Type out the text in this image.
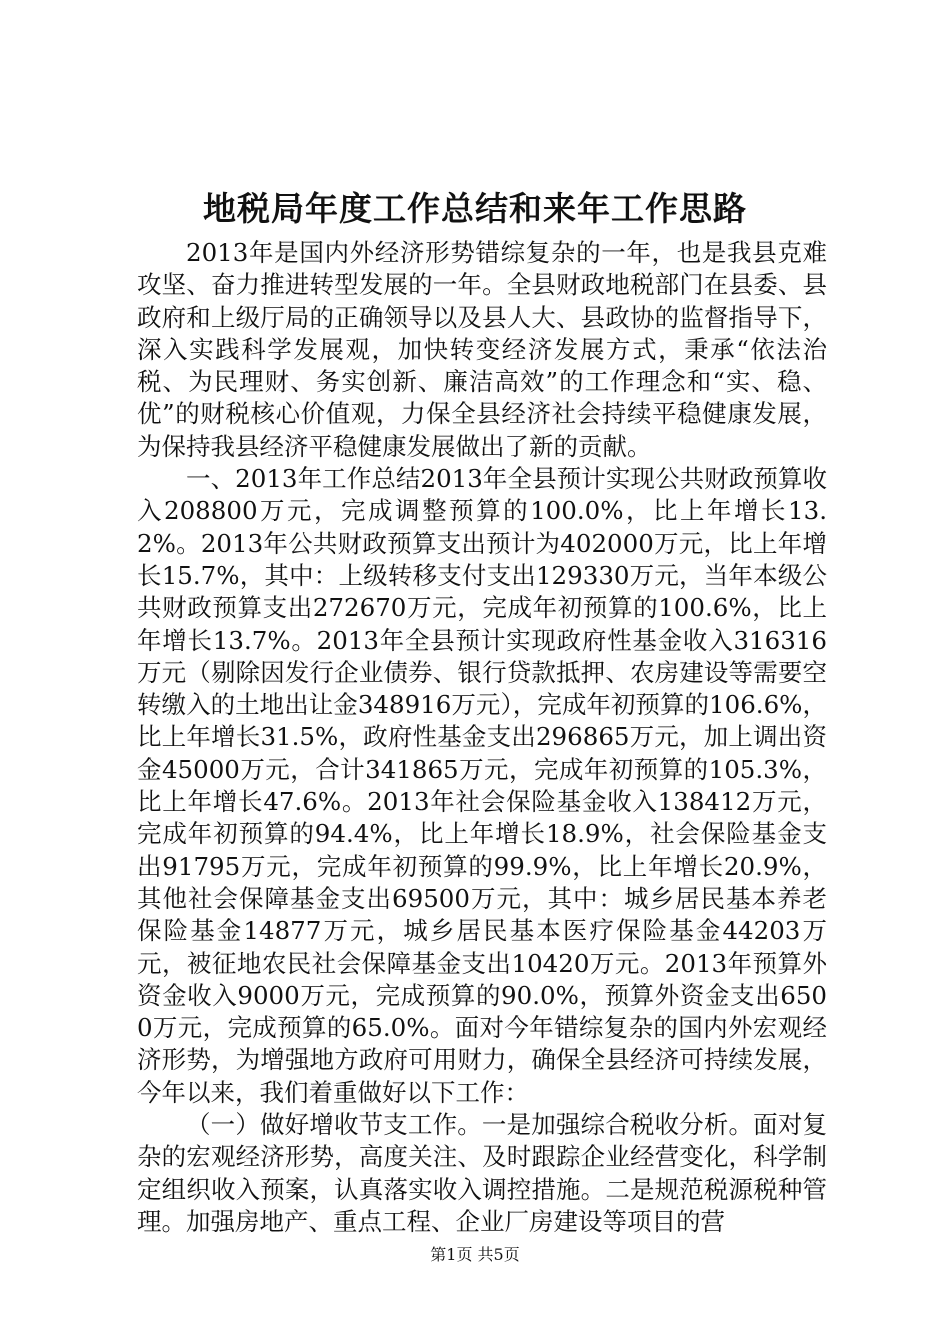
地税局年度工作总结和来年工作思路

2013年是国内外经济形势错综复杂的一年，也是我县克难攻坚、奋力推进转型发展的一年。全县财政地税部门在县委、县政府和上级厅局的正确领导以及县人大、县政协的监督指导下，深入实践科学发展观，加快转变经济发展方式，秉承“依法治税、为民理财、务实创新、廉洁高效”的工作理念和“实、稳、优”的财税核心价值观，力保全县经济社会持续平稳健康发展，为保持我县经济平稳健康发展做出了新的贡献。

一、2013年工作总结2013年全县预计实现公共财政预算收入208800万元，完成调整预算的100.0%，比上年增长13.2%。2013年公共财政预算支出预计为402000万元，比上年增长15.7%，其中：上级转移支付支出129330万元，当年本级公共财政预算支出272670万元，完成年初预算的100.6%，比上年增长13.7%。2013年全县预计实现政府性基金收入316316万元（剔除因发行企业债券、银行贷款抵押、农房建设等需要空转缴入的土地出让金348916万元），完成年初预算的106.6%，比上年增长31.5%，政府性基金支出296865万元，加上调出资金45000万元，合计341865万元，完成年初预算的105.3%，比上年增长47.6%。2013年社会保险基金收入138412万元，完成年初预算的94.4%，比上年增长18.9%，社会保险基金支出91795万元，完成年初预算的99.9%，比上年增长20.9%，其他社会保障基金支出69500万元，其中：城乡居民基本养老保险基金14877万元，城乡居民基本医疗保险基金44203万元，被征地农民社会保障基金支出10420万元。2013年预算外资金收入9000万元，完成预算的90.0%，预算外资金支出6500万元，完成预算的65.0%。面对今年错综复杂的国内外宏观经济形势，为增强地方政府可用财力，确保全县经济可持续发展，今年以来，我们着重做好以下工作：

（一）做好增收节支工作。一是加强综合税收分析。面对复杂的宏观经济形势，高度关注、及时跟踪企业经营变化，科学制定组织收入预案，认真落实收入调控措施。二是规范税源税种管理。加强房地产、重点工程、企业厂房建设等项目的营

第1页 共5页
